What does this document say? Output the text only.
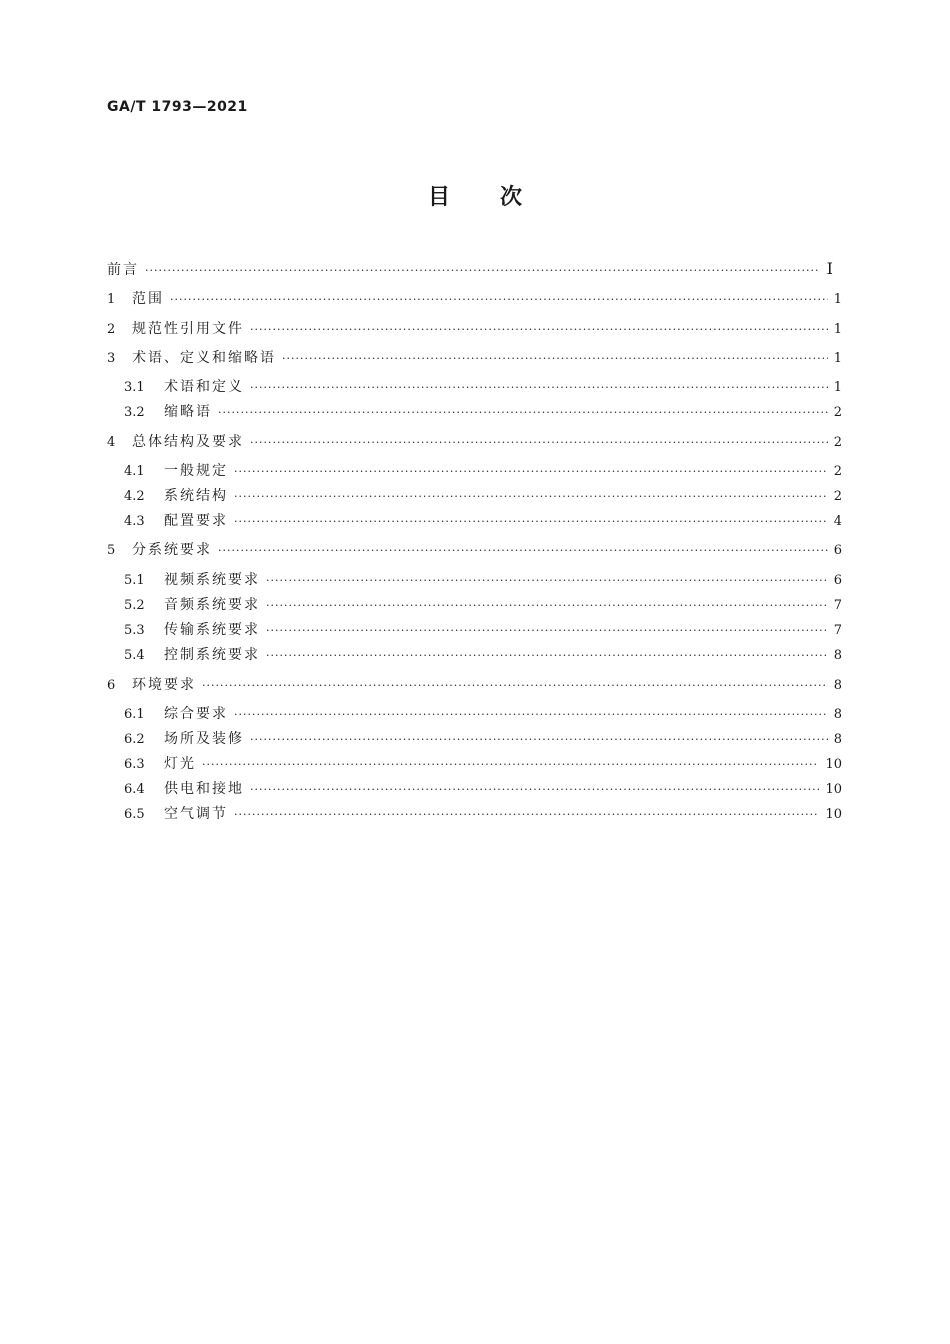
GA/T 1793—2021
目次
前言 ·····	Ⅰ
1	范围 ·····	1
2	规范性引用文件 ·····	1
3	术语、定义和缩略语 ·····	1
3.1	术语和定义 ·····	1
3.2	缩略语 ·····	2
4	总体结构及要求 ·····	2
4.1	一般规定 ·····	2
4.2	系统结构 ·····	2
4.3	配置要求 ·····	4
5	分系统要求 ·····	6
5.1	视频系统要求 ·····	6
5.2	音频系统要求 ·····	7
5.3	传输系统要求 ·····	7
5.4	控制系统要求 ·····	8
6	环境要求 ·····	8
6.1	综合要求 ·····	8
6.2	场所及装修 ·····	8
6.3	灯光 ·····	10
6.4	供电和接地 ·····	10
6.5	空气调节 ·····	10
